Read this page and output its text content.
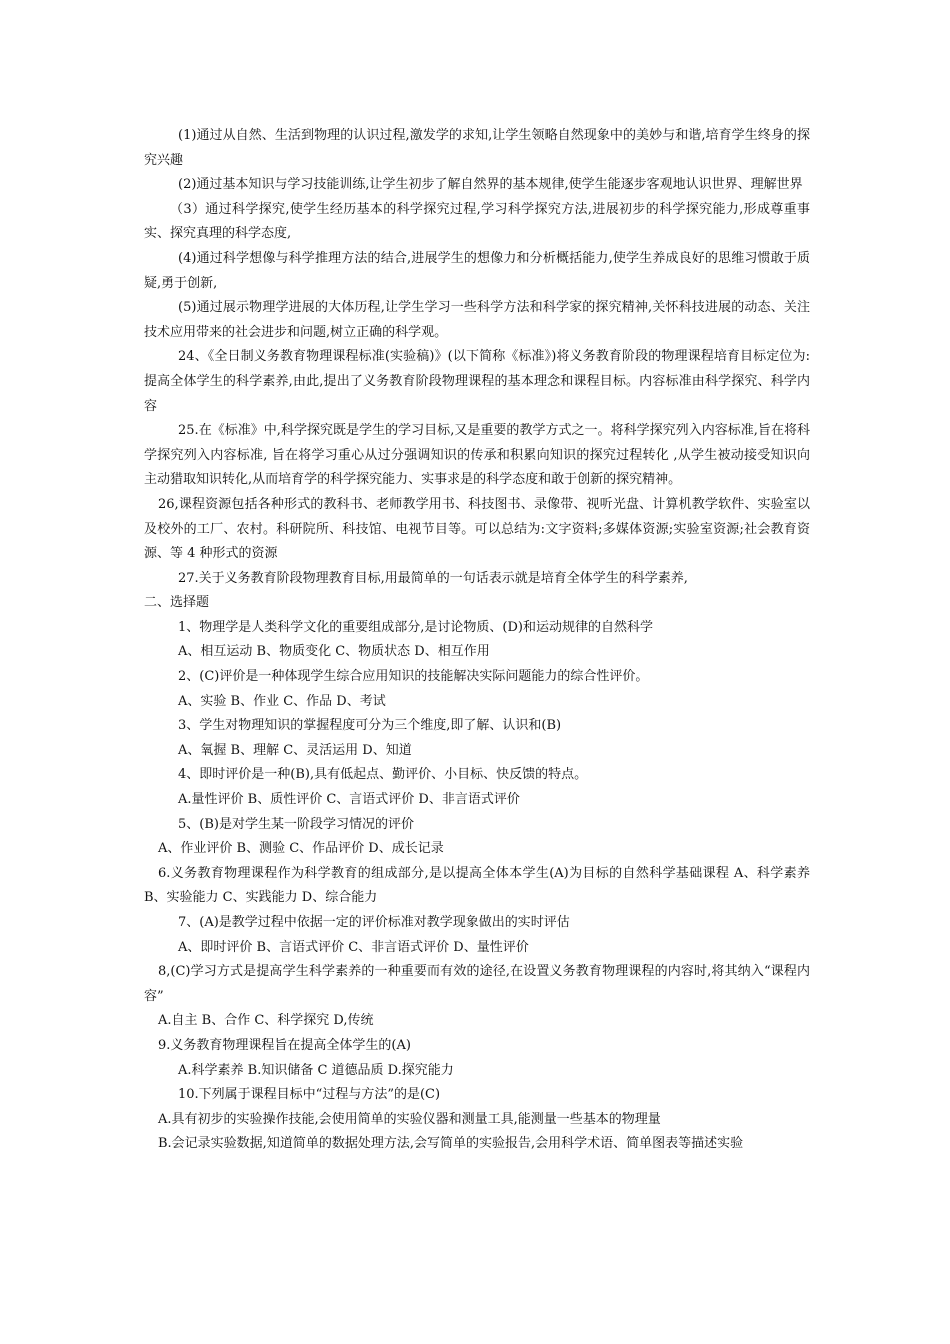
(1)通过从自然、生活到物理的认识过程,激发学的求知,让学生领略自然现象中的美妙与和谐,培育学生终身的探究兴趣

(2)通过基本知识与学习技能训练,让学生初步了解自然界的基本规律,使学生能逐步客观地认识世界、理解世界

（3）通过科学探究,使学生经历基本的科学探究过程,学习科学探究方法,进展初步的科学探究能力,形成尊重事实、探究真理的科学态度,

(4)通过科学想像与科学推理方法的结合,进展学生的想像力和分析概括能力,使学生养成良好的思维习惯敢于质疑,勇于创新,

(5)通过展示物理学进展的大体历程,让学生学习一些科学方法和科学家的探究精神,关怀科技进展的动态、关注技术应用带来的社会进步和问题,树立正确的科学观。

24、《全日制义务教育物理课程标准(实验稿)》(以下简称《标准》)将义务教育阶段的物理课程培育目标定位为:提高全体学生的科学素养,由此,提出了义务教育阶段物理课程的基本理念和课程目标。内容标准由科学探究、科学内容

25.在《标准》中,科学探究既是学生的学习目标,又是重要的教学方式之一。将科学探究列入内容标准,旨在将科学探究列入内容标准, 旨在将学习重心从过分强调知识的传承和积累向知识的探究过程转化 ,从学生被动接受知识向主动猎取知识转化,从而培育学的科学探究能力、实事求是的科学态度和敢于创新的探究精神。

26,课程资源包括各种形式的教科书、老师教学用书、科技图书、录像带、视听光盘、计算机教学软件、实验室以及校外的工厂、农村。科研院所、科技馆、电视节目等。可以总结为:文字资料;多媒体资源;实验室资源;社会教育资源、等 4 种形式的资源

27.关于义务教育阶段物理教育目标,用最简单的一句话表示就是培育全体学生的科学素养,

二、选择题

1、物理学是人类科学文化的重要组成部分,是讨论物质、(D)和运动规律的自然科学

A、相互运动 B、物质变化 C、物质状态 D、相互作用

2、(C)评价是一种体现学生综合应用知识的技能解决实际问题能力的综合性评价。

A、实验 B、作业 C、作品 D、考试

3、学生对物理知识的掌握程度可分为三个维度,即了解、认识和(B)

A、氧握 B、理解 C、灵活运用 D、知道

4、即时评价是一种(B),具有低起点、勤评价、小目标、快反馈的特点。

A.量性评价 B、质性评价 C、言语式评价 D、非言语式评价

5、(B)是对学生某一阶段学习情况的评价

A、作业评价 B、测验 C、作品评价 D、成长记录

6.义务教育物理课程作为科学教育的组成部分,是以提高全体本学生(A)为目标的自然科学基础课程 A、科学素养 B、实验能力 C、实践能力 D、综合能力

7、(A)是教学过程中依据一定的评价标准对教学现象做出的实时评估

A、即时评价 B、言语式评价 C、非言语式评价 D、量性评价

8,(C)学习方式是提高学生科学素养的一种重要而有效的途径,在设置义务教育物理课程的内容时,将其纳入“课程内容”

A.自主 B、合作 C、科学探究 D,传统

9.义务教育物理课程旨在提高全体学生的(A)

A.科学素养 B.知识储备 C 道德品质 D.探究能力

10.下列属于课程目标中“过程与方法”的是(C)

A.具有初步的实验操作技能,会使用简单的实验仪器和测量工具,能测量一些基本的物理量

B.会记录实验数据,知道简单的数据处理方法,会写简单的实验报告,会用科学术语、简单图表等描述实验
